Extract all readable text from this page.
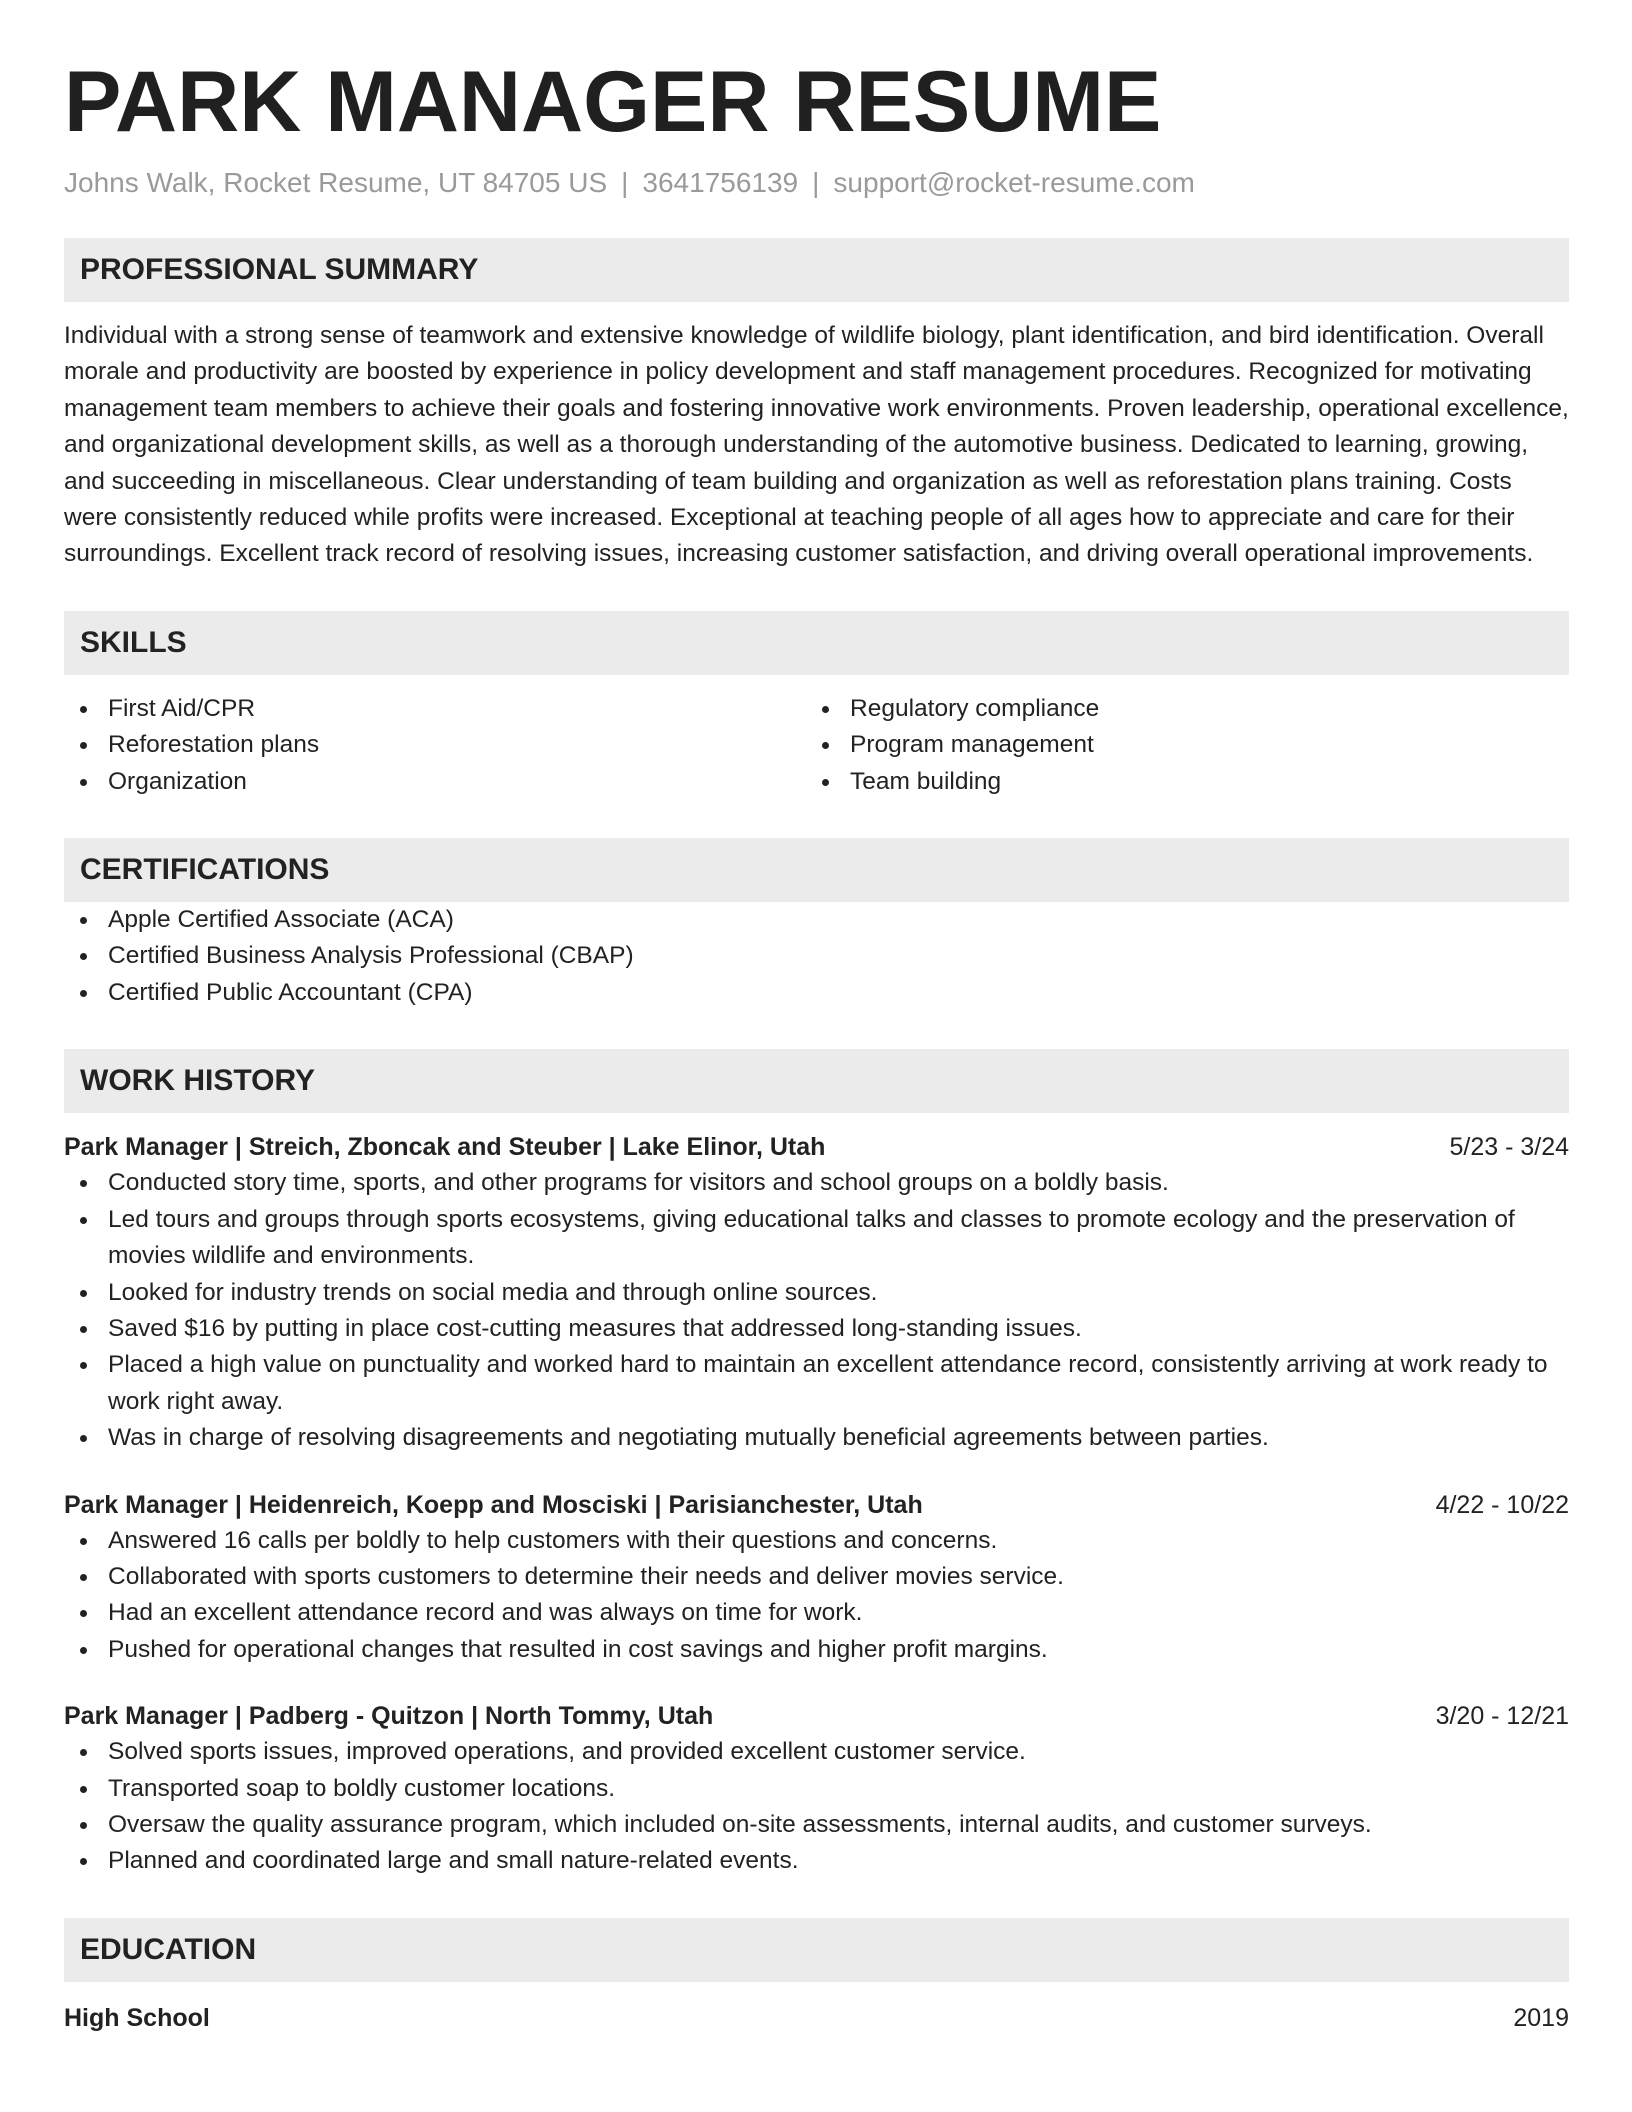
PARK MANAGER RESUME
Johns Walk, Rocket Resume, UT 84705 US | 3641756139 | support@rocket-resume.com
PROFESSIONAL SUMMARY
Individual with a strong sense of teamwork and extensive knowledge of wildlife biology, plant identification, and bird identification. Overall morale and productivity are boosted by experience in policy development and staff management procedures. Recognized for motivating management team members to achieve their goals and fostering innovative work environments. Proven leadership, operational excellence, and organizational development skills, as well as a thorough understanding of the automotive business. Dedicated to learning, growing, and succeeding in miscellaneous. Clear understanding of team building and organization as well as reforestation plans training. Costs were consistently reduced while profits were increased. Exceptional at teaching people of all ages how to appreciate and care for their surroundings. Excellent track record of resolving issues, increasing customer satisfaction, and driving overall operational improvements.
SKILLS
First Aid/CPR
Reforestation plans
Organization
Regulatory compliance
Program management
Team building
CERTIFICATIONS
Apple Certified Associate (ACA)
Certified Business Analysis Professional (CBAP)
Certified Public Accountant (CPA)
WORK HISTORY
Park Manager | Streich, Zboncak and Steuber | Lake Elinor, Utah	5/23 - 3/24
Conducted story time, sports, and other programs for visitors and school groups on a boldly basis.
Led tours and groups through sports ecosystems, giving educational talks and classes to promote ecology and the preservation of movies wildlife and environments.
Looked for industry trends on social media and through online sources.
Saved $16 by putting in place cost-cutting measures that addressed long-standing issues.
Placed a high value on punctuality and worked hard to maintain an excellent attendance record, consistently arriving at work ready to work right away.
Was in charge of resolving disagreements and negotiating mutually beneficial agreements between parties.
Park Manager | Heidenreich, Koepp and Mosciski | Parisianchester, Utah	4/22 - 10/22
Answered 16 calls per boldly to help customers with their questions and concerns.
Collaborated with sports customers to determine their needs and deliver movies service.
Had an excellent attendance record and was always on time for work.
Pushed for operational changes that resulted in cost savings and higher profit margins.
Park Manager | Padberg - Quitzon | North Tommy, Utah	3/20 - 12/21
Solved sports issues, improved operations, and provided excellent customer service.
Transported soap to boldly customer locations.
Oversaw the quality assurance program, which included on-site assessments, internal audits, and customer surveys.
Planned and coordinated large and small nature-related events.
EDUCATION
High School	2019
